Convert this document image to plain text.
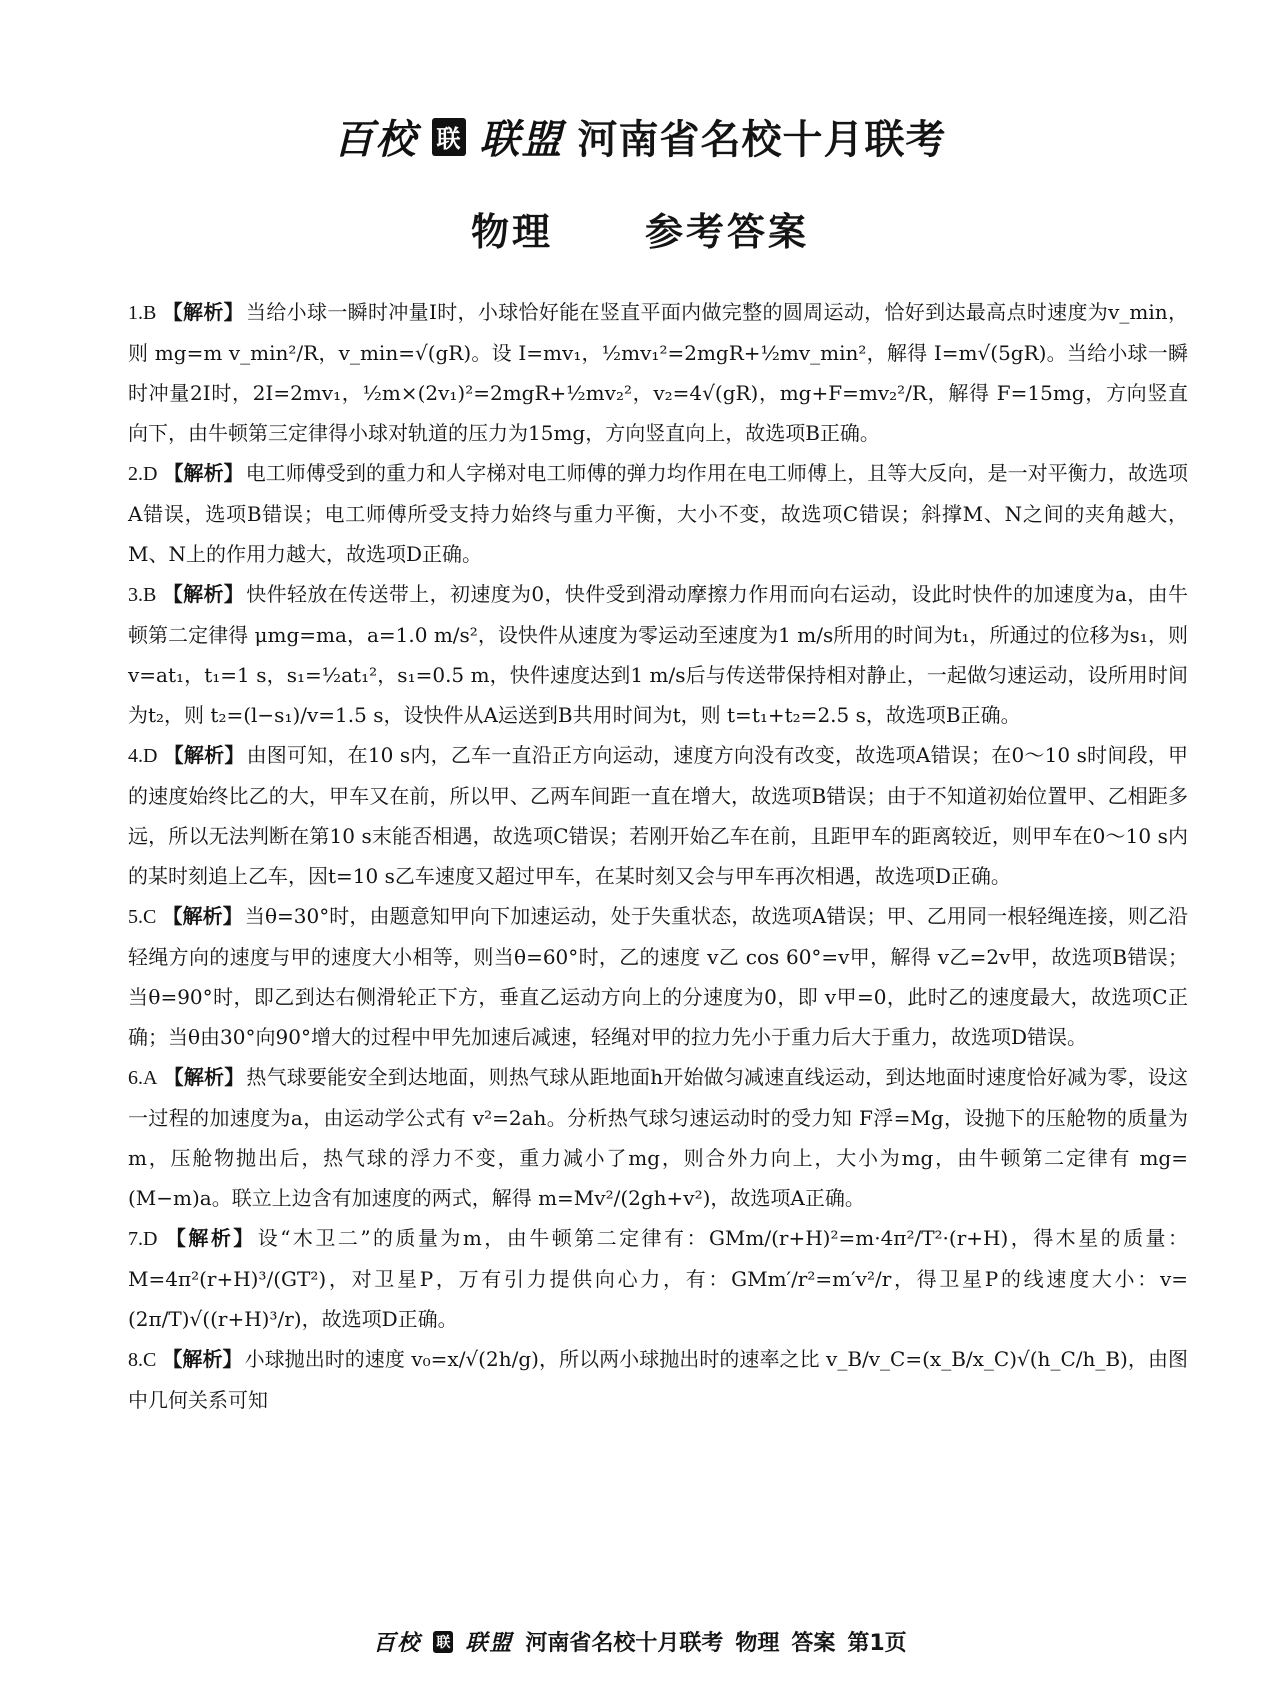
百校 联 联盟 河南省名校十月联考
物理 参考答案

1.B 【解析】 当给小球一瞬时冲量I时，小球恰好能在竖直平面内做完整的圆周运动，恰好到达最高点时速度为v_min，则 mg=m v_min²/R，v_min=√(gR)。设 I=mv₁，½mv₁²=2mgR+½mv_min²，解得 I=m√(5gR)。当给小球一瞬时冲量2I时，2I=2mv₁，½m×(2v₁)²=2mgR+½mv₂²，v₂=4√(gR)，mg+F=mv₂²/R，解得 F=15mg，方向竖直向下，由牛顿第三定律得小球对轨道的压力为15mg，方向竖直向上，故选项B正确。

2.D 【解析】 电工师傅受到的重力和人字梯对电工师傅的弹力均作用在电工师傅上，且等大反向，是一对平衡力，故选项A错误，选项B错误；电工师傅所受支持力始终与重力平衡，大小不变，故选项C错误；斜撑M、N之间的夹角越大，M、N上的作用力越大，故选项D正确。

3.B 【解析】 快件轻放在传送带上，初速度为0，快件受到滑动摩擦力作用而向右运动，设此时快件的加速度为a，由牛顿第二定律得 μmg=ma，a=1.0 m/s²，设快件从速度为零运动至速度为1 m/s所用的时间为t₁，所通过的位移为s₁，则 v=at₁，t₁=1 s，s₁=½at₁²，s₁=0.5 m，快件速度达到1 m/s后与传送带保持相对静止，一起做匀速运动，设所用时间为t₂，则 t₂=(l−s₁)/v=1.5 s，设快件从A运送到B共用时间为t，则 t=t₁+t₂=2.5 s，故选项B正确。

4.D 【解析】 由图可知，在10 s内，乙车一直沿正方向运动，速度方向没有改变，故选项A错误；在0～10 s时间段，甲的速度始终比乙的大，甲车又在前，所以甲、乙两车间距一直在增大，故选项B错误；由于不知道初始位置甲、乙相距多远，所以无法判断在第10 s末能否相遇，故选项C错误；若刚开始乙车在前，且距甲车的距离较近，则甲车在0～10 s内的某时刻追上乙车，因t=10 s乙车速度又超过甲车，在某时刻又会与甲车再次相遇，故选项D正确。

5.C 【解析】 当θ=30°时，由题意知甲向下加速运动，处于失重状态，故选项A错误；甲、乙用同一根轻绳连接，则乙沿轻绳方向的速度与甲的速度大小相等，则当θ=60°时，乙的速度 v乙 cos 60°=v甲，解得 v乙=2v甲，故选项B错误；当θ=90°时，即乙到达右侧滑轮正下方，垂直乙运动方向上的分速度为0，即 v甲=0，此时乙的速度最大，故选项C正确；当θ由30°向90°增大的过程中甲先加速后减速，轻绳对甲的拉力先小于重力后大于重力，故选项D错误。

6.A 【解析】 热气球要能安全到达地面，则热气球从距地面h开始做匀减速直线运动，到达地面时速度恰好减为零，设这一过程的加速度为a，由运动学公式有 v²=2ah。分析热气球匀速运动时的受力知 F浮=Mg，设抛下的压舱物的质量为m，压舱物抛出后，热气球的浮力不变，重力减小了mg，则合外力向上，大小为mg，由牛顿第二定律有 mg=(M−m)a。联立上边含有加速度的两式，解得 m=Mv²/(2gh+v²)，故选项A正确。

7.D 【解析】 设“木卫二”的质量为m，由牛顿第二定律有：GMm/(r+H)²=m·4π²/T²·(r+H)，得木星的质量：M=4π²(r+H)³/(GT²)，对卫星P，万有引力提供向心力，有：GMm′/r²=m′v²/r，得卫星P的线速度大小：v=(2π/T)√((r+H)³/r)，故选项D正确。

8.C 【解析】 小球抛出时的速度 v₀=x/√(2h/g)，所以两小球抛出时的速率之比 v_B/v_C=(x_B/x_C)√(h_C/h_B)，由图中几何关系可知

百校 联 联盟 河南省名校十月联考 物理 答案 第1页
